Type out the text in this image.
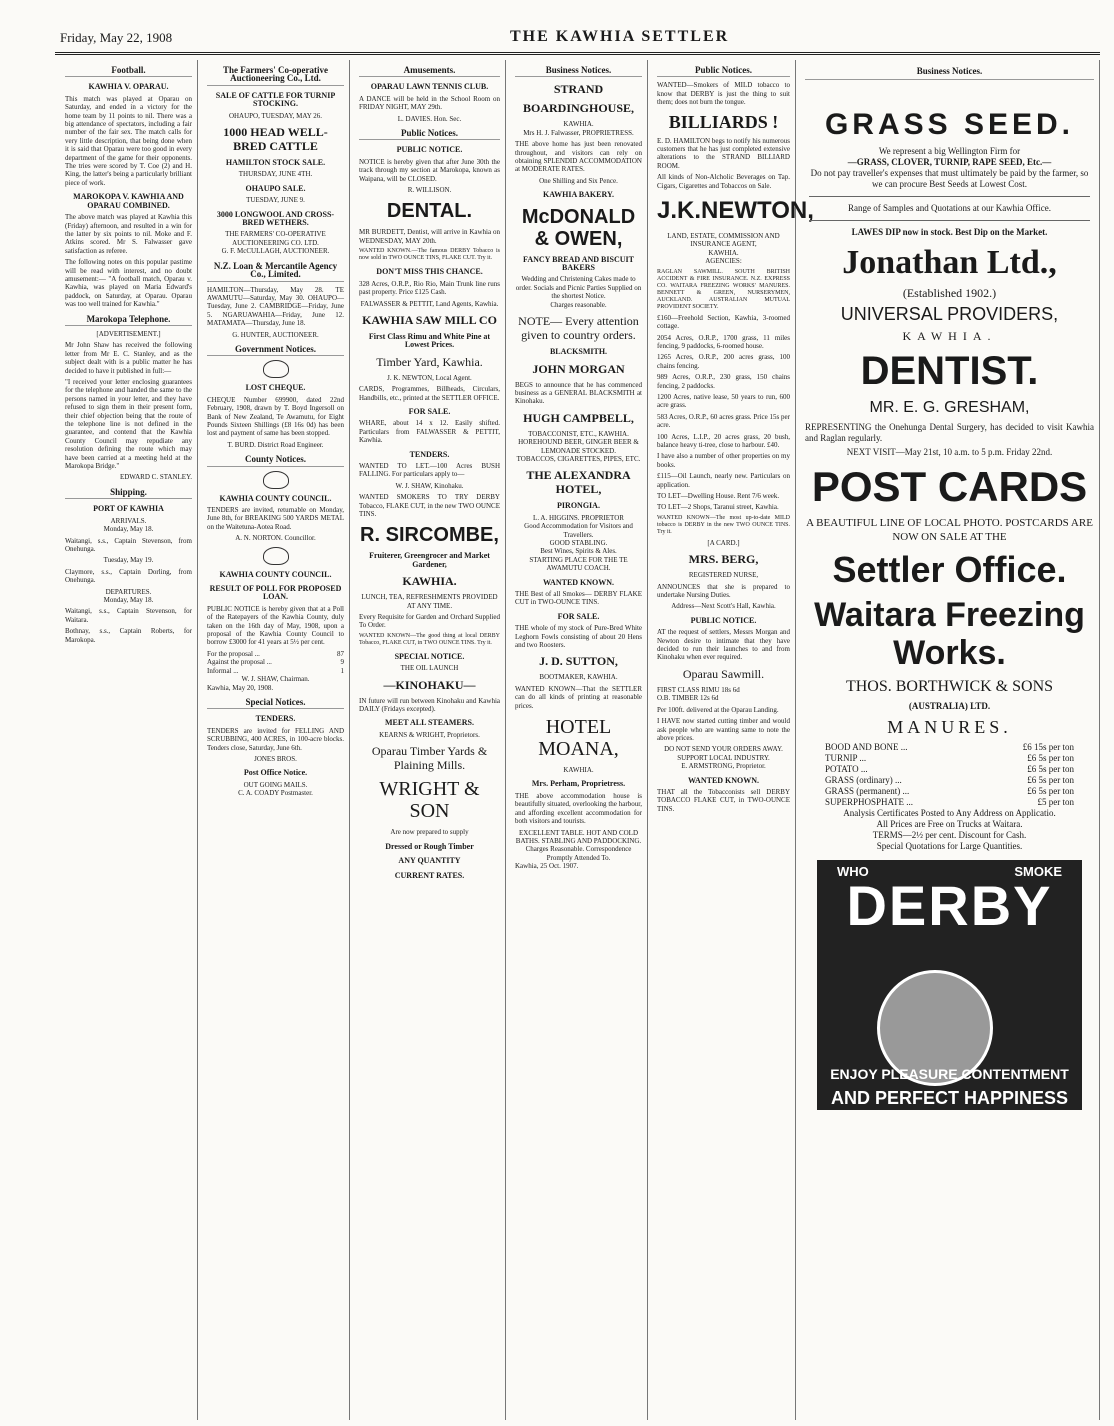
Friday, May 22, 1908	THE KAWHIA SETTLER
Football.
KAWHIA V. OPARAU.
This match was played at Oparau on Saturday, and ended in a victory for the home team by 11 points to nil. There was a big attendance of spectators, including a fair number of the fair sex. The match calls for very little description, that being done when it is said that Oparau were too good in every department of the game for their opponents. The tries were scored by T. Coe (2) and H. King, the latter's being a particularly brilliant piece of work.
MAROKOPA V. KAWHIA AND OPARAU COMBINED.
The above match was played at Kawhia this (Friday) afternoon, and resulted in a win for the latter by six points to nil. Moke and F. Atkins scored. Mr S. Falwasser gave satisfaction as referee.
The following notes on this popular pastime will be read with interest, and no doubt amusement:— "A football match, Oparau v. Kawhia, was played on Maria Edward's paddock, on Saturday, at Oparau. Oparau was too well trained for Kawhia."
Marokopa Telephone.
[ADVERTISEMENT.]
Mr John Shaw has received the following letter from Mr E. C. Stanley, and as the subject dealt with is a public matter he has decided to have it published in full:—
"I received your letter enclosing guarantees for the telephone and handed the same to the persons named in your letter, and they have refused to sign them in their present form, their chief objection being that the route of the telephone line is not defined in the guarantee, and contend that the Kawhia County Council may repudiate any resolution defining the route which may have been carried at a meeting held at the Marokopa Bridge."
EDWARD C. STANLEY.
Shipping.
PORT OF KAWHIA
ARRIVALS.
Monday, May 18.
Waitangi, s.s., Captain Stevenson, from Onehunga.
Tuesday, May 19.
Claymore, s.s., Captain Dorling, from Onehunga.
DEPARTURES.
Monday, May 18.
Waitangi, s.s., Captain Stevenson, for Waitara.
Bothnay, s.s., Captain Roberts, for Marokopa.
The Farmers' Co-operative Auctioneering Co., Ltd.
SALE OF CATTLE FOR TURNIP STOCKING.
OHAUPO, TUESDAY, MAY 26.
1000 HEAD WELL-BRED CATTLE
HAMILTON STOCK SALE.
THURSDAY, JUNE 4TH.
OHAUPO SALE.
TUESDAY, JUNE 9.
3000 LONGWOOL AND CROSS-BRED WETHERS.
THE FARMERS' CO-OPERATIVE AUCTIONEERING CO. LTD.
G. F. McCULLAGH, AUCTIONEER.
N.Z. Loan & Mercantile Agency Co., Limited.
HAMILTON—Thursday, May 28. TE AWAMUTU—Saturday, May 30. OHAUPO—Tuesday, June 2. CAMBRIDGE—Friday, June 5. NGARUAWAHIA—Friday, June 12. MATAMATA—Thursday, June 18.
G. HUNTER, AUCTIONEER.
Government Notices.
LOST CHEQUE.
CHEQUE Number 699900, dated 22nd February, 1908, drawn by T. Boyd Ingersoll on Bank of New Zealand, Te Awamutu, for Eight Pounds Sixteen Shillings (£8 16s 0d) has been lost and payment of same has been stopped.
T. BURD. District Road Engineer.
County Notices.
KAWHIA COUNTY COUNCIL.
TENDERS are invited, returnable on Monday, June 8th, for BREAKING 500 YARDS METAL on the Waitetuna-Aotea Road.
A. N. NORTON. Councillor.
KAWHIA COUNTY COUNCIL.
RESULT OF POLL FOR PROPOSED LOAN.
PUBLIC NOTICE is hereby given that at a Poll of the Ratepayers of the Kawhia County, duly taken on the 16th day of May, 1908, upon a proposal of the Kawhia County Council to borrow £3000 for 41 years at 5½ per cent.
For the proposal ...	87
Against the proposal ...	9
Informal ...	1
W. J. SHAW, Chairman.
Kawhia, May 20, 1908.
Special Notices.
TENDERS.
TENDERS are invited for FELLING AND SCRUBBING, 400 ACRES, in 100-acre blocks. Tenders close, Saturday, June 6th.
JONES BROS.
Post Office Notice.
OUT GOING MAILS.
C. A. COADY Postmaster.
Amusements.
OPARAU LAWN TENNIS CLUB.
A DANCE will be held in the School Room on FRIDAY NIGHT, MAY 29th.
L. DAVIES. Hon. Sec.
Public Notices.
PUBLIC NOTICE.
NOTICE is hereby given that after June 30th the track through my section at Marokopa, known as Waipana, will be CLOSED.
R. WILLISON.
DENTAL.
MR BURDETT, Dentist, will arrive in Kawhia on WEDNESDAY, MAY 20th.
WANTED KNOWN.—The famous DERBY Tobacco is now sold in TWO OUNCE TINS, FLAKE CUT. Try it.
DON'T MISS THIS CHANCE.
328 Acres, O.R.P., Rio Rio, Main Trunk line runs past property. Price £125 Cash.
FALWASSER & PETTIT, Land Agents, Kawhia.
KAWHIA SAW MILL CO
First Class Rimu and White Pine at Lowest Prices.
Timber Yard, Kawhia.
J. K. NEWTON, Local Agent.
CARDS, Programmes, Billheads, Circulars, Handbills, etc., printed at the SETTLER OFFICE.
FOR SALE.
WHARE, about 14 x 12. Easily shifted. Particulars from FALWASSER & PETTIT, Kawhia.
TENDERS.
WANTED TO LET.—100 Acres BUSH FALLING. For particulars apply to—
W. J. SHAW, Kinohaku.
WANTED SMOKERS TO TRY DERBY Tobacco, FLAKE CUT, in the new TWO OUNCE TINS.
R. SIRCOMBE,
Fruiterer, Greengrocer and Market Gardener,
KAWHIA.
LUNCH, TEA, REFRESHMENTS PROVIDED AT ANY TIME.
Every Requisite for Garden and Orchard Supplied To Order.
WANTED KNOWN—The good thing at local DERBY Tobacco, FLAKE CUT, in TWO OUNCE TINS. Try it.
SPECIAL NOTICE.
THE OIL LAUNCH
—KINOHAKU—
IN future will run between Kinohaku and Kawhia DAILY (Fridays excepted).
MEET ALL STEAMERS.
KEARNS & WRIGHT, Proprietors.
Oparau Timber Yards & Plaining Mills.
WRIGHT & SON
Are now prepared to supply
Dressed or Rough Timber
ANY QUANTITY
CURRENT RATES.
Business Notices.
STRAND
BOARDINGHOUSE,
KAWHIA.
Mrs H. J. Falwasser, PROPRIETRESS.
THE above home has just been renovated throughout, and visitors can rely on obtaining SPLENDID ACCOMMODATION at MODERATE RATES.
One Shilling and Six Pence.
KAWHIA BAKERY.
McDONALD & OWEN,
FANCY BREAD AND BISCUIT BAKERS
Wedding and Christening Cakes made to order. Socials and Picnic Parties Supplied on the shortest Notice.
Charges reasonable.
NOTE— Every attention given to country orders.
BLACKSMITH.
JOHN MORGAN
BEGS to announce that he has commenced business as a GENERAL BLACKSMITH at Kinohaku.
HUGH CAMPBELL,
TOBACCONIST, ETC., KAWHIA.
HOREHOUND BEER, GINGER BEER & LEMONADE STOCKED.
TOBACCOS, CIGARETTES, PIPES, ETC.
THE ALEXANDRA HOTEL,
PIRONGIA.
L. A. HIGGINS. PROPRIETOR
Good Accommodation for Visitors and Travellers.
GOOD STABLING.
Best Wines, Spirits & Ales.
STARTING PLACE FOR THE TE AWAMUTU COACH.
WANTED KNOWN.
THE Best of all Smokes— DERBY FLAKE CUT in TWO-OUNCE TINS.
FOR SALE.
THE whole of my stock of Pure-Bred White Leghorn Fowls consisting of about 20 Hens and two Roosters.
J. D. SUTTON,
BOOTMAKER, KAWHIA.
WANTED KNOWN—That the SETTLER can do all kinds of printing at reasonable prices.
HOTEL MOANA,
KAWHIA.
Mrs. Perham, Proprietress.
THE above accommodation house is beautifully situated, overlooking the harbour, and affording excellent accommodation for both visitors and tourists.
EXCELLENT TABLE. HOT AND COLD BATHS. STABLING AND PADDOCKING.
Charges Reasonable. Correspondence Promptly Attended To.
Kawhia, 25 Oct. 1907.
Public Notices.
WANTED—Smokers of MILD tobacco to know that DERBY is just the thing to suit them; does not burn the tongue.
BILLIARDS !
E. D. HAMILTON begs to notify his numerous customers that he has just completed extensive alterations to the STRAND BILLIARD ROOM.
All kinds of Non-Alcholic Beverages on Tap. Cigars, Cigarettes and Tobaccos on Sale.
J.K.NEWTON,
LAND, ESTATE, COMMISSION AND INSURANCE AGENT,
KAWHIA.
AGENCIES:
RAGLAN SAWMILL. SOUTH BRITISH ACCIDENT & FIRE INSURANCE. N.Z. EXPRESS CO. WAITARA FREEZING WORKS' MANURES. BENNETT & GREEN, NURSERYMEN, AUCKLAND. AUSTRALIAN MUTUAL PROVIDENT SOCIETY.
£160—Freehold Section, Kawhia, 3-roomed cottage.
2054 Acres, O.R.P., 1700 grass, 11 miles fencing, 9 paddocks, 6-roomed house.
1265 Acres, O.R.P., 200 acres grass, 100 chains fencing.
989 Acres, O.R.P., 230 grass, 150 chains fencing, 2 paddocks.
1200 Acres, native lease, 50 years to run, 600 acre grass.
583 Acres, O.R.P., 60 acres grass. Price 15s per acre.
100 Acres, L.I.P., 20 acres grass, 20 bush, balance heavy ti-tree, close to harbour. £40.
I have also a number of other properties on my books.
£115—Oil Launch, nearly new. Particulars on application.
TO LET—Dwelling House. Rent 7/6 week.
TO LET—2 Shops, Taranui street, Kawhia.
WANTED KNOWN—The most up-to-date MILD tobacco is DERBY in the new TWO OUNCE TINS. Try it.
[A CARD.]
MRS. BERG,
REGISTERED NURSE,
ANNOUNCES that she is prepared to undertake Nursing Duties.
Address—Next Scott's Hall, Kawhia.
PUBLIC NOTICE.
AT the request of settlers, Messrs Morgan and Newton desire to intimate that they have decided to run their launches to and from Kinohaku when ever required.
Oparau Sawmill.
FIRST CLASS RIMU 18s 6d
O.B. TIMBER 12s 6d
Per 100ft. delivered at the Oparau Landing.
I HAVE now started cutting timber and would ask people who are wanting same to note the above prices.
DO NOT SEND YOUR ORDERS AWAY.
SUPPORT LOCAL INDUSTRY.
E. ARMSTRONG, Proprietor.
WANTED KNOWN.
THAT all the Tobacconists sell DERBY TOBACCO FLAKE CUT, in TWO-OUNCE TINS.
Business Notices.
GRASS SEED.
We represent a big Wellington Firm for
—GRASS, CLOVER, TURNIP, RAPE SEED, Etc.—
Do not pay traveller's expenses that must ultimately be paid by the farmer, so we can procure Best Seeds at Lowest Cost.
Range of Samples and Quotations at our Kawhia Office.
LAWES DIP now in stock. Best Dip on the Market.
Jonathan Ltd.,
(Established 1902.)
UNIVERSAL PROVIDERS,
KAWHIA.
DENTIST.
MR. E. G. GRESHAM,
REPRESENTING the Onehunga Dental Surgery, has decided to visit Kawhia and Raglan regularly.
NEXT VISIT—May 21st, 10 a.m. to 5 p.m. Friday 22nd.
POST CARDS
A BEAUTIFUL LINE OF LOCAL PHOTO. POSTCARDS ARE NOW ON SALE AT THE
Settler Office.
Waitara Freezing Works.
THOS. BORTHWICK & SONS
(AUSTRALIA) LTD.
MANURES.
BOOD AND BONE ...	£6 15s per ton
TURNIP ...	£6 5s per ton
POTATO ...	£6 5s per ton
GRASS (ordinary) ...	£6 5s per ton
GRASS (permanent) ...	£6 5s per ton
SUPERPHOSPHATE ...	£5 per ton
Analysis Certificates Posted to Any Address on Applicatio.
All Prices are Free on Trucks at Waitara.
TERMS—2½ per cent. Discount for Cash.
Special Quotations for Large Quantities.
WHO	SMOKE
DERBY
ENJOY PLEASURE CONTENTMENT
AND PERFECT HAPPINESS
